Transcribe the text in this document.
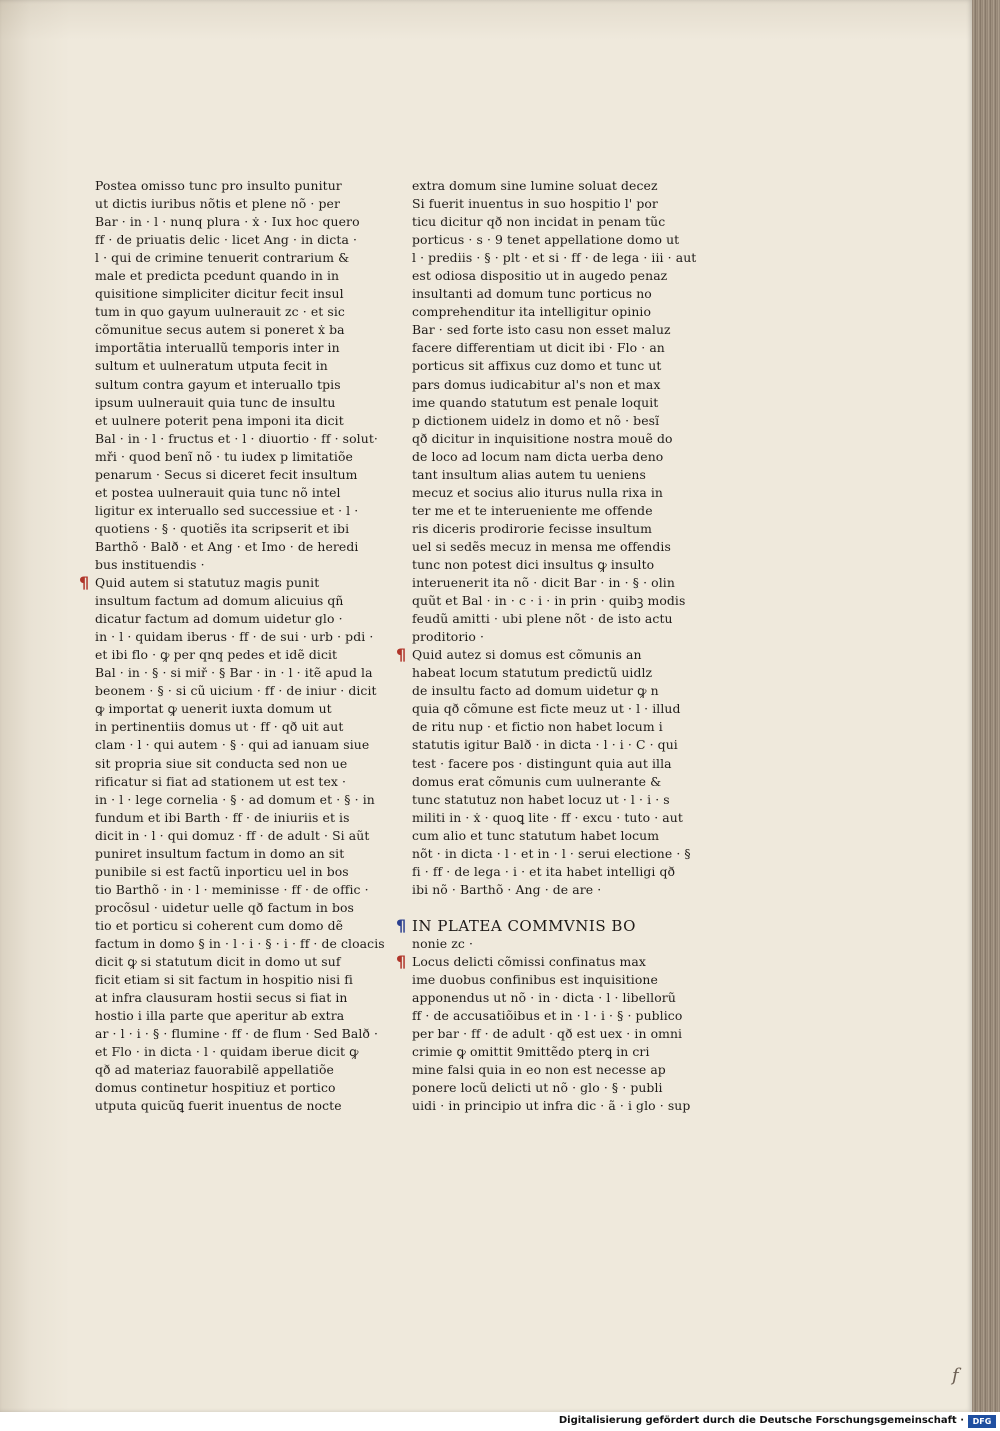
Postea omisso tunc pro insulto punitur
ut dictis iuribus nõtis et plene nõ · per
Bar · in · l · nunq plura · ẋ · Iux hoc quero
ff · de priuatis delic · licet Ang · in dicta ·
l · qui de crimine tenuerit contrarium &
male et predicta pcedunt quando in in
quisitione simpliciter dicitur fecit insul
tum in quo gayum uulnerauit zc · et sic
cõmunitue secus autem si poneret ẋ ba
importãtia interuallũ temporis inter in
sultum et uulneratum utputa fecit in
sultum contra gayum et interuallo tpis
ipsum uulnerauit quia tunc de insultu
et uulnere poterit pena imponi ita dicit
Bal · in · l · fructus et · l · diuortio · ff · solut·
mři · quod benĩ nõ · tu iudex p limitatiõe
penarum · Secus si diceret fecit insultum
et postea uulnerauit quia tunc nõ intel
ligitur ex interuallo sed successiue et · l ·
quotiens · § · quotiẽs ita scripserit et ibi
Barthõ · Balð · et Ang · et Imo · de heredi
bus instituendis ·
¶ Quid autem si statutuz magis punit
insultum factum ad domum alicuius qñ
dicatur factum ad domum uidetur glo ·
in · l · quidam iberus · ff · de sui · urb · pdi ·
et ibi flo · ꝙ per qnq pedes et idẽ dicit
Bal · in · § · si miř · § Bar · in · l · itẽ apud la
beonem · § · si cũ uicium · ff · de iniur · dicit
ꝙ importat ꝙ uenerit iuxta domum ut
in pertinentiis domus ut · ff · qð uit aut
clam · l · qui autem · § · qui ad ianuam siue
sit propria siue sit conducta sed non ue
rificatur si fiat ad stationem ut est tex ·
in · l · lege cornelia · § · ad domum et · § · in
fundum et ibi Barth · ff · de iniuriis et is
dicit in · l · qui domuz · ff · de adult · Si aũt
puniret insultum factum in domo an sit
punibile si est factũ inporticu uel in bos
tio Barthõ · in · l · meminisse · ff · de offic ·
procõsul · uidetur uelle qð factum in bos
tio et porticu si coherent cum domo dẽ
factum in domo § in · l · i · § · i · ff · de cloacis
dicit ꝙ si statutum dicit in domo ut suf
ficit etiam si sit factum in hospitio nisi fi
at infra clausuram hostii secus si fiat in
hostio i illa parte que aperitur ab extra
ar · l · i · § · flumine · ff · de flum · Sed Balð ·
et Flo · in dicta · l · quidam iberue dicit ꝙ
qð ad materiaz fauorabilẽ appellatiõe
domus continetur hospitiuz et portico
utputa quicũꝗ fuerit inuentus de nocte
extra domum sine lumine soluat decez
Si fuerit inuentus in suo hospitio l' por
ticu dicitur qð non incidat in penam tũc
porticus · s · 9 tenet appellatione domo ut
l · prediis · § · plt · et si · ff · de lega · iii · aut
est odiosa dispositio ut in augedo penaz
insultanti ad domum tunc porticus no
comprehenditur ita intelligitur opinio
Bar · sed forte isto casu non esset maluz
facere differentiam ut dicit ibi · Flo · an
porticus sit affixus cuz domo et tunc ut
pars domus iudicabitur al's non et max
ime quando statutum est penale loquit
p dictionem uidelz in domo et nõ · besĩ
qð dicitur in inquisitione nostra mouẽ do
de loco ad locum nam dicta uerba deno
tant insultum alias autem tu ueniens
mecuz et socius alio iturus nulla rixa in
ter me et te interueniente me offende
ris diceris prodirorie fecisse insultum
uel si sedẽs mecuz in mensa me offendis
tunc non potest dici insultus ꝙ insulto
interuenerit ita nõ · dicit Bar · in · § · olin
quũt et Bal · in · c · i · in prin · quibꝫ modis
feudũ amitti · ubi plene nõt · de isto actu
proditorio ·
¶ Quid autez si domus est cõmunis an
habeat locum statutum predictũ uidlz
de insultu facto ad domum uidetur ꝙ n
quia qð cõmune est ficte meuz ut · l · illud
de ritu nup · et fictio non habet locum i
statutis igitur Balð · in dicta · l · i · C · qui
test · facere pos · distingunt quia aut illa
domus erat cõmunis cum uulnerante &
tunc statutuz non habet locuz ut · l · i · s
militi in · ẋ · quoꝗ lite · ff · excu · tuto · aut
cum alio et tunc statutum habet locum
nõt · in dicta · l · et in · l · serui electione · §
fi · ff · de lega · i · et ita habet intelligi qð
ibi nõ · Barthõ · Ang · de are ·
¶ IN PLATEA COMMVNIS BO
nonie zc ·
¶ Locus delicti cõmissi confinatus max
ime duobus confinibus est inquisitione
apponendus ut nõ · in · dicta · l · libellorũ
ff · de accusatiõibus et in · l · i · § · publico
per bar · ff · de adult · qð est uex · in omni
crimie ꝙ omittit 9mittẽdo pterꝗ in cri
mine falsi quia in eo non est necesse ap
ponere locũ delicti ut nõ · glo · § · publi
uidi · in principio ut infra dic · ã · i glo · sup
f
Digitalisierung gefördert durch die Deutsche Forschungsgemeinschaft ·	DFG
